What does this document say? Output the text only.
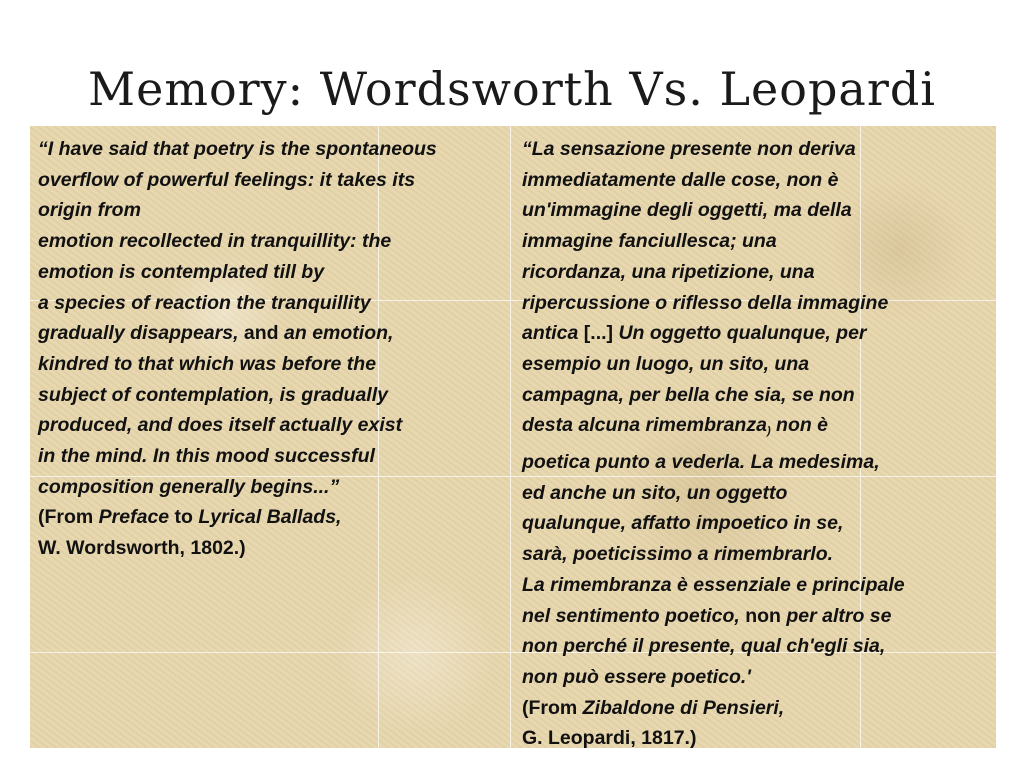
Memory: Wordsworth Vs. Leopardi
“I have said that poetry is the spontaneous
overflow of powerful feelings: it takes its
origin from
emotion recollected in tranquillity: the
emotion is contemplated till by
a species of reaction the tranquillity
gradually disappears, and an emotion,
kindred to that which was before the
subject of contemplation, is gradually
produced, and does itself actually exist
in the mind. In this mood successful
composition generally begins...”
(From Preface to Lyrical Ballads,
W. Wordsworth, 1802.)
“La sensazione presente non deriva
immediatamente dalle cose, non è
un'immagine degli oggetti, ma della
immagine fanciullesca; una
ricordanza, una ripetizione, una
ripercussione o riflesso della immagine
antica [...] Un oggetto qualunque, per
esempio un luogo, un sito, una
campagna, per bella che sia, se non
desta alcuna rimembranza$_)$ non è
poetica punto a vederla. La medesima,
ed anche un sito, un oggetto
qualunque, affatto impoetico in se,
sarà, poeticissimo a rimembrarlo.
La rimembranza è essenziale e principale
nel sentimento poetico, non per altro se
non perché il presente, qual ch'egli sia,
non può essere poetico.'
(From Zibaldone di Pensieri,
G. Leopardi, 1817.)
